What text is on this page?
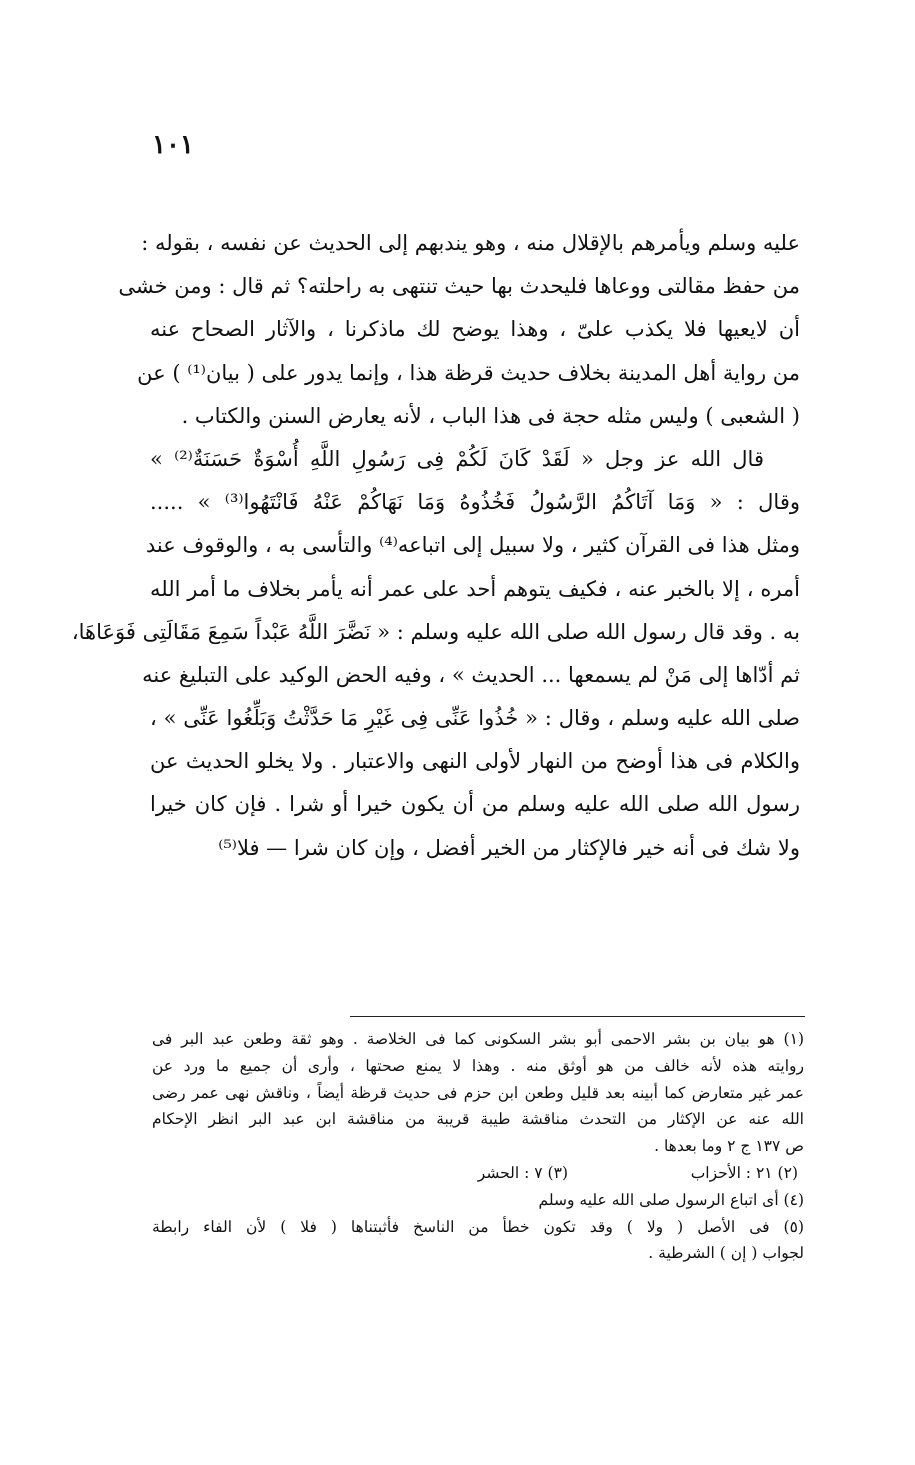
١٠١
عليه وسلم ويأمرهم بالإقلال منه ، وهو يندبهم إلى الحديث عن نفسه ، بقوله :
من حفظ مقالتى ووعاها فليحدث بها حيث تنتهى به راحلته؟ ثم قال : ومن خشى
أن لايعيها فلا يكذب علىّ ، وهذا يوضح لك ماذكرنا ، والآثار الصحاح عنه
من رواية أهل المدينة بخلاف حديث قرظة هذا ، وإنما يدور على ( بيان⁽¹⁾ ) عن
( الشعبى ) وليس مثله حجة فى هذا الباب ، لأنه يعارض السنن والكتاب .
قال الله عز وجل « لَقَدْ كَانَ لَكُمْ فِى رَسُولِ اللَّهِ أُسْوَةٌ حَسَنَةٌ⁽²⁾ »
وقال : « وَمَا آتَاكُمُ الرَّسُولُ فَخُذُوهُ وَمَا نَهَاكُمْ عَنْهُ فَانْتَهُوا⁽³⁾ » .....
ومثل هذا فى القرآن كثير ، ولا سبيل إلى اتباعه⁽⁴⁾ والتأسى به ، والوقوف عند
أمره ، إلا بالخبر عنه ، فكيف يتوهم أحد على عمر أنه يأمر بخلاف ما أمر الله
به . وقد قال رسول الله صلى الله عليه وسلم : « نَضَّرَ اللَّهُ عَبْداً سَمِعَ مَقَالَتِى فَوَعَاهَا،
ثم أدّاها إلى مَنْ لم يسمعها ... الحديث » ، وفيه الحض الوكيد على التبليغ عنه
صلى الله عليه وسلم ، وقال : « خُذُوا عَنِّى فِى غَيْرِ مَا حَدَّثْتُ وَبَلِّغُوا عَنِّى » ،
والكلام فى هذا أوضح من النهار لأولى النهى والاعتبار . ولا يخلو الحديث عن
رسول الله صلى الله عليه وسلم من أن يكون خيرا أو شرا . فإن كان خيرا
ولا شك فى أنه خير فالإكثار من الخير أفضل ، وإن كان شرا — فلا⁽⁵⁾
(١) هو بيان بن بشر الاحمى أبو بشر السكونى كما فى الخلاصة . وهو ثقة وطعن عبد البر فى
روايته هذه لأنه خالف من هو أوثق منه . وهذا لا يمنع صحتها ، وأرى أن جميع ما ورد عن
عمر غير متعارض كما أبينه بعد قليل وطعن ابن حزم فى حديث قرظة أيضاً ، وناقش نهى عمر رضى
الله عنه عن الإكثار من التحدث مناقشة طيبة قريبة من مناقشة ابن عبد البر انظر الإحكام
ص ١٣٧ ج ٢ وما بعدها .
(٢) ٢١ : الأحزاب
(٣) ٧ : الحشر
(٤) أى اتباع الرسول صلى الله عليه وسلم
(٥) فى الأصل ( ولا ) وقد تكون خطأ من الناسخ فأثبتناها ( فلا ) لأن الفاء رابطة
لجواب ( إن ) الشرطية .
